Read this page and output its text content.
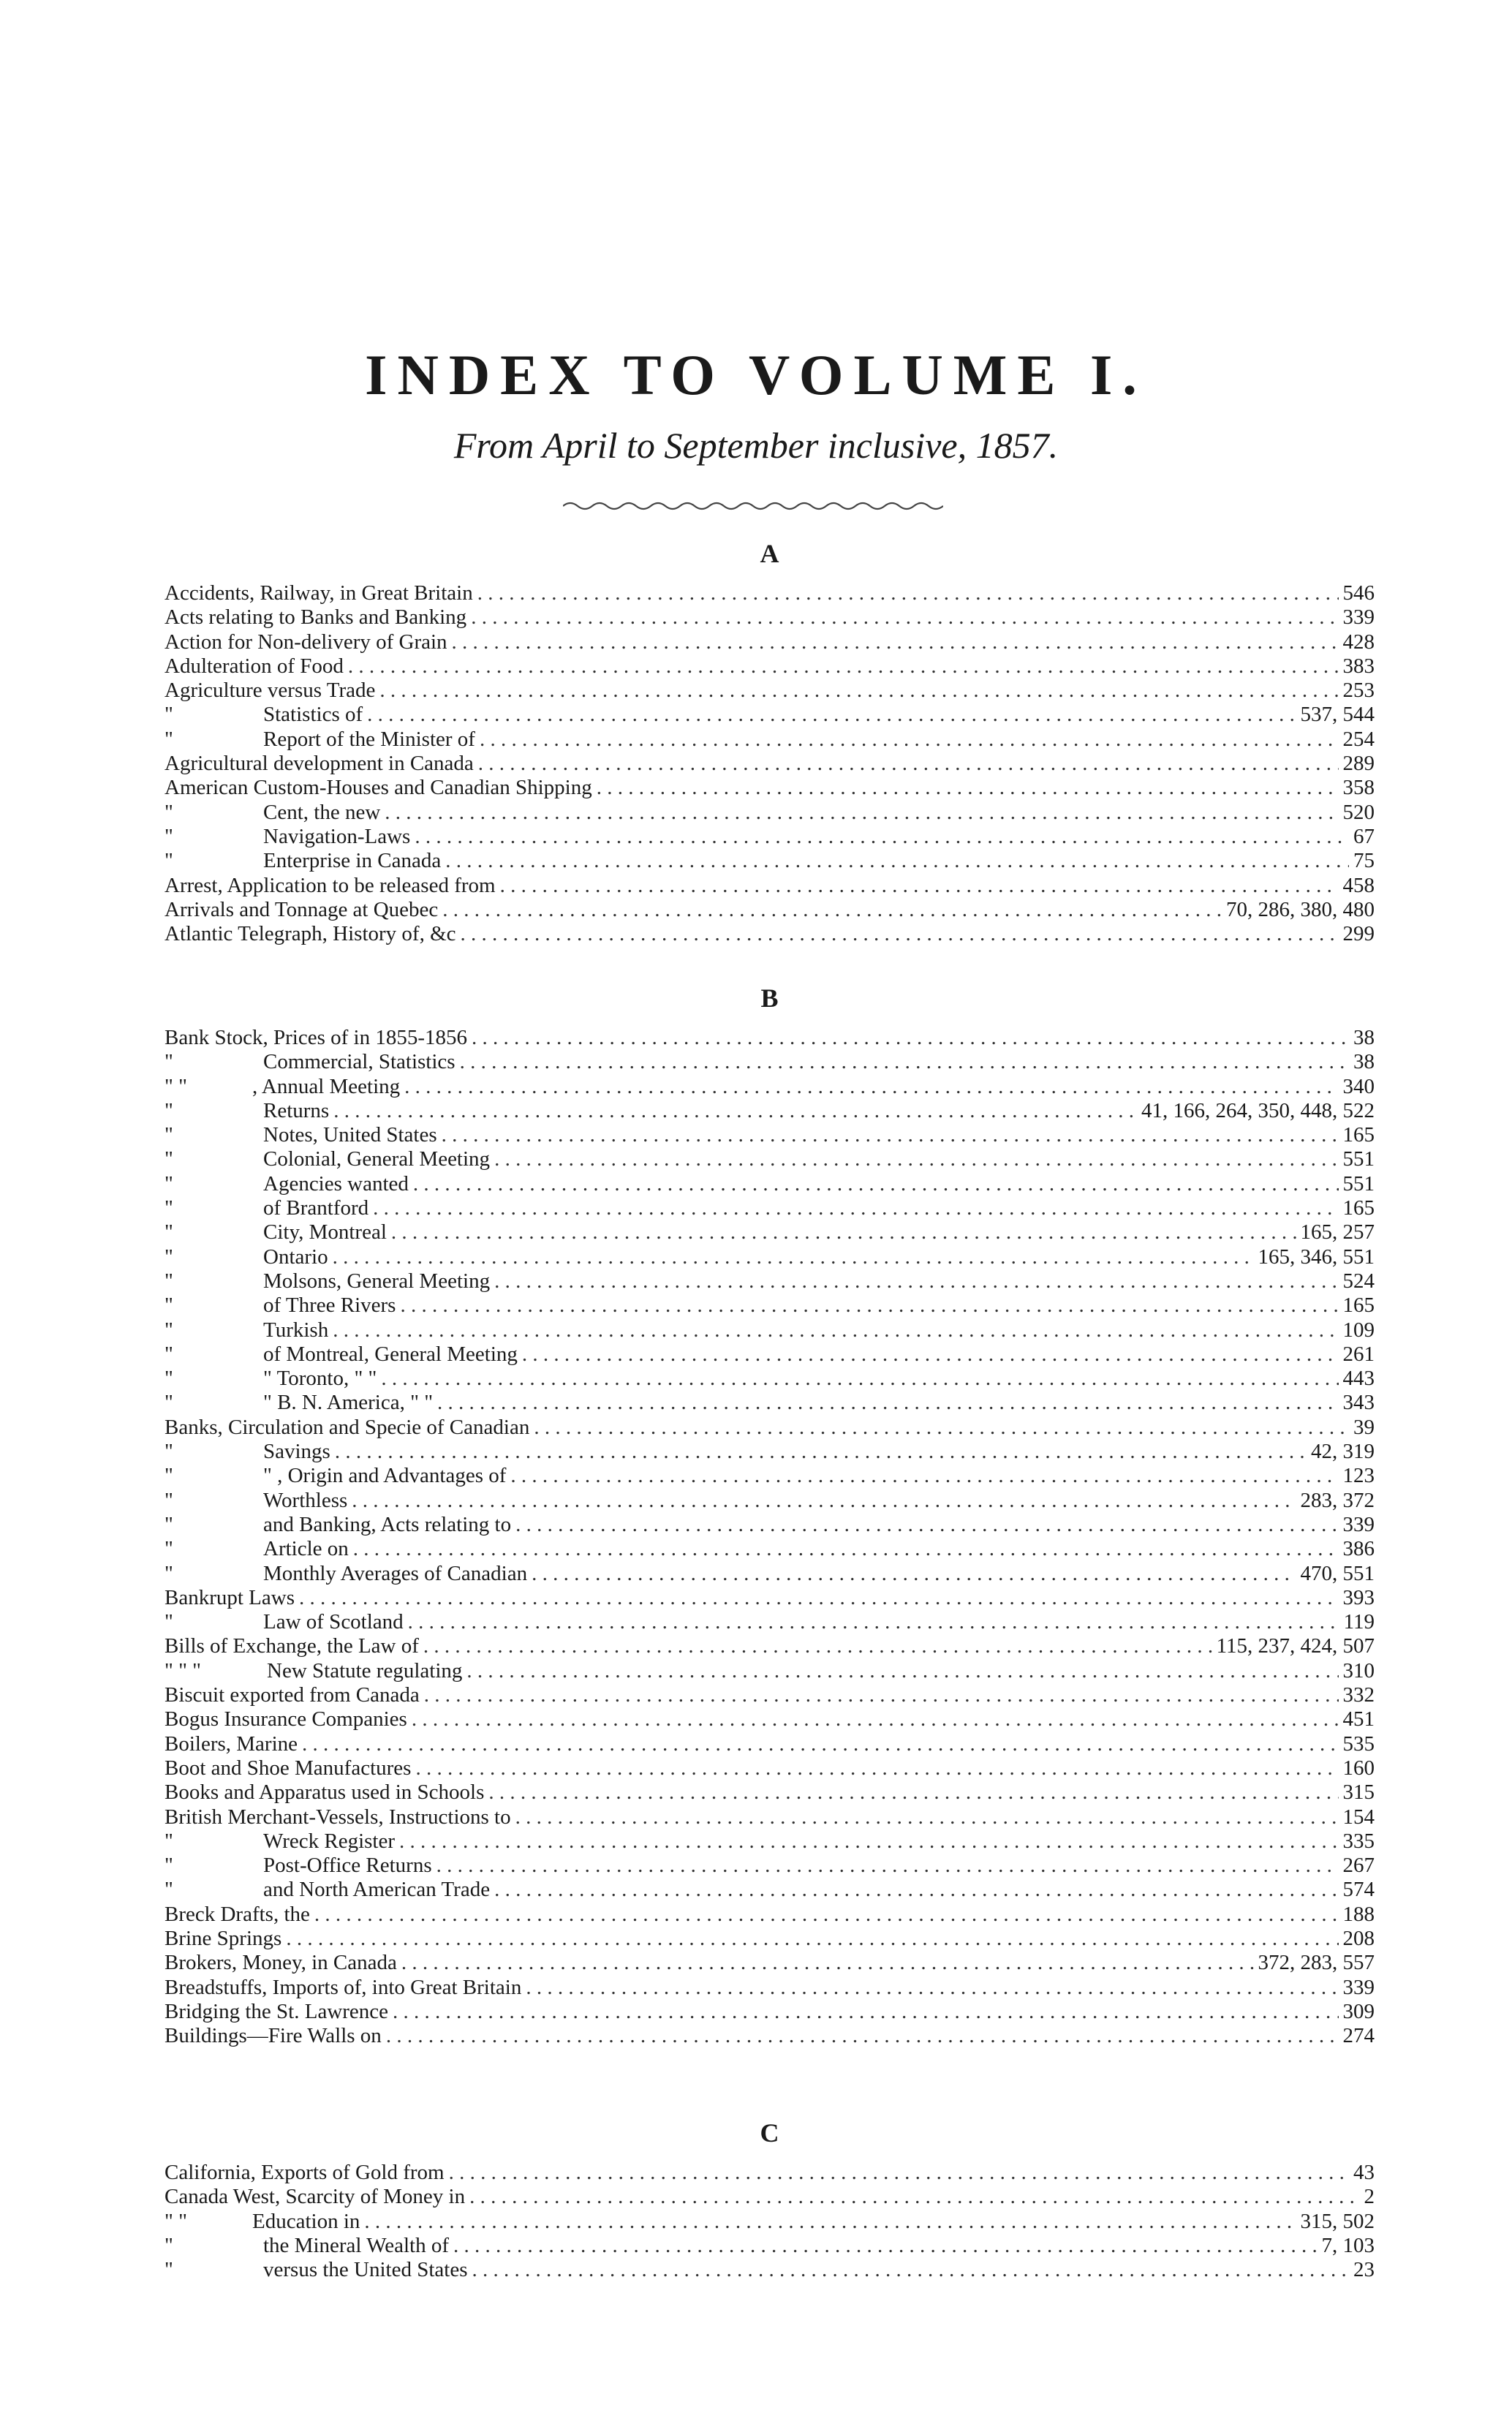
INDEX TO VOLUME I.

From April to September inclusive, 1857.

A
Accidents, Railway, in Great Britain . . .	546
Acts relating to Banks and Banking . . .	339
Action for Non-delivery of Grain . . .	428
Adulteration of Food . . .	383
Agriculture versus Trade . . .	253
"	Statistics of . . .	537, 544
"	Report of the Minister of . . .	254
Agricultural development in Canada . . .	289
American Custom-Houses and Canadian Shipping . . .	358
"	Cent, the new . . .	520
"	Navigation-Laws . . .	67
"	Enterprise in Canada . . .	75
Arrest, Application to be released from . . .	458
Arrivals and Tonnage at Quebec . . .	70, 286, 380, 480
Atlantic Telegraph, History of, &c . . .	299
B
Bank Stock, Prices of in 1855-1856 . . .	38
"	Commercial, Statistics . . .	38
" "	, Annual Meeting . . .	340
"	Returns . . .	41, 166, 264, 350, 448, 522
"	Notes, United States . . .	165
"	Colonial, General Meeting . . .	551
"	Agencies wanted . . .	551
"	of Brantford . . .	165
"	City, Montreal . . .	165, 257
"	Ontario . . .	165, 346, 551
"	Molsons, General Meeting . . .	524
"	of Three Rivers . . .	165
"	Turkish . . .	109
"	of Montreal, General Meeting . . .	261
"	" Toronto, " " . . .	443
"	" B. N. America, " " . . .	343
Banks, Circulation and Specie of Canadian . . .	39
"	Savings . . .	42, 319
"	" , Origin and Advantages of . . .	123
"	Worthless . . .	283, 372
"	and Banking, Acts relating to . . .	339
"	Article on . . .	386
"	Monthly Averages of Canadian . . .	470, 551
Bankrupt Laws . . .	393
"	Law of Scotland . . .	119
Bills of Exchange, the Law of . . .	115, 237, 424, 507
" " "	New Statute regulating . . .	310
Biscuit exported from Canada . . .	332
Bogus Insurance Companies . . .	451
Boilers, Marine . . .	535
Boot and Shoe Manufactures . . .	160
Books and Apparatus used in Schools . . .	315
British Merchant-Vessels, Instructions to . . .	154
"	Wreck Register . . .	335
"	Post-Office Returns . . .	267
"	and North American Trade . . .	574
Breck Drafts, the . . .	188
Brine Springs . . .	208
Brokers, Money, in Canada . . .	372, 283, 557
Breadstuffs, Imports of, into Great Britain . . .	339
Bridging the St. Lawrence . . .	309
Buildings—Fire Walls on . . .	274
C
California, Exports of Gold from . . .	43
Canada West, Scarcity of Money in . . .	2
" "	Education in . . .	315, 502
"	the Mineral Wealth of . . .	7, 103
"	versus the United States . . .	23
